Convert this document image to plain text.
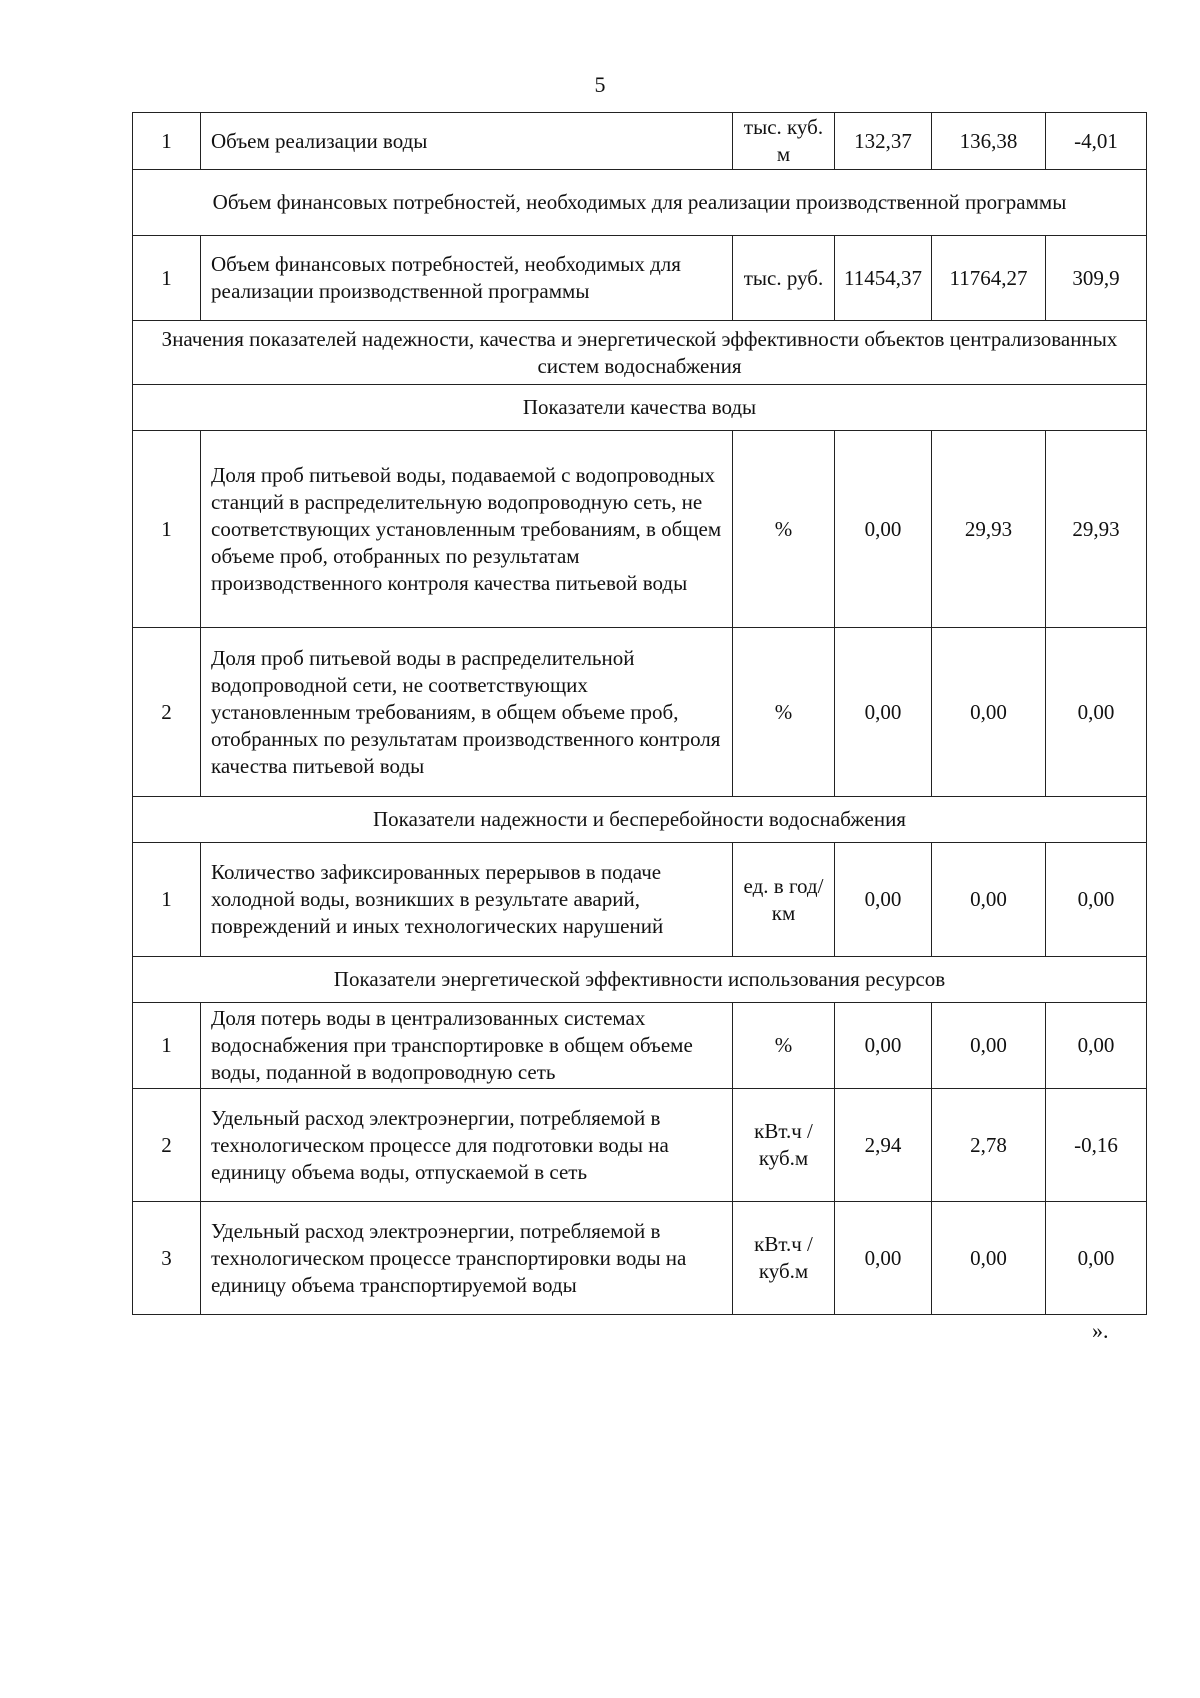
5
1	Объем реализации воды	тыс. куб. м	132,37	136,38	-4,01
Объем финансовых потребностей, необходимых для реализации производственной программы					
1	Объем финансовых потребностей, необходимых для реализации производственной программы	тыс. руб.	11454,37	11764,27	309,9
Значения показателей надежности, качества и энергетической эффективности объектов централизованных систем водоснабжения					
Показатели качества воды					
1	Доля проб питьевой воды, подаваемой с водопроводных станций в распределительную водопроводную сеть, не соответствующих установленным требованиям, в общем объеме проб, отобранных по результатам производственного контроля качества питьевой воды	%	0,00	29,93	29,93
2	Доля проб питьевой воды в распределительной водопроводной сети, не соответствующих установленным требованиям, в общем объеме проб, отобранных по результатам производственного контроля качества питьевой воды	%	0,00	0,00	0,00
Показатели надежности и бесперебойности водоснабжения					
1	Количество зафиксированных перерывов в подаче холодной воды, возникших в результате аварий, повреждений и иных технологических нарушений	ед. в год/ км	0,00	0,00	0,00
Показатели энергетической эффективности использования ресурсов					
1	Доля потерь воды в централизованных системах водоснабжения при транспортировке в общем объеме воды, поданной в водопроводную сеть	%	0,00	0,00	0,00
2	Удельный расход электроэнергии, потребляемой в технологическом процессе для подготовки воды на единицу объема воды, отпускаемой в сеть	кВт.ч / куб.м	2,94	2,78	-0,16
3	Удельный расход электроэнергии, потребляемой в технологическом процессе транспортировки воды на единицу объема транспортируемой воды	кВт.ч / куб.м	0,00	0,00	0,00
».
